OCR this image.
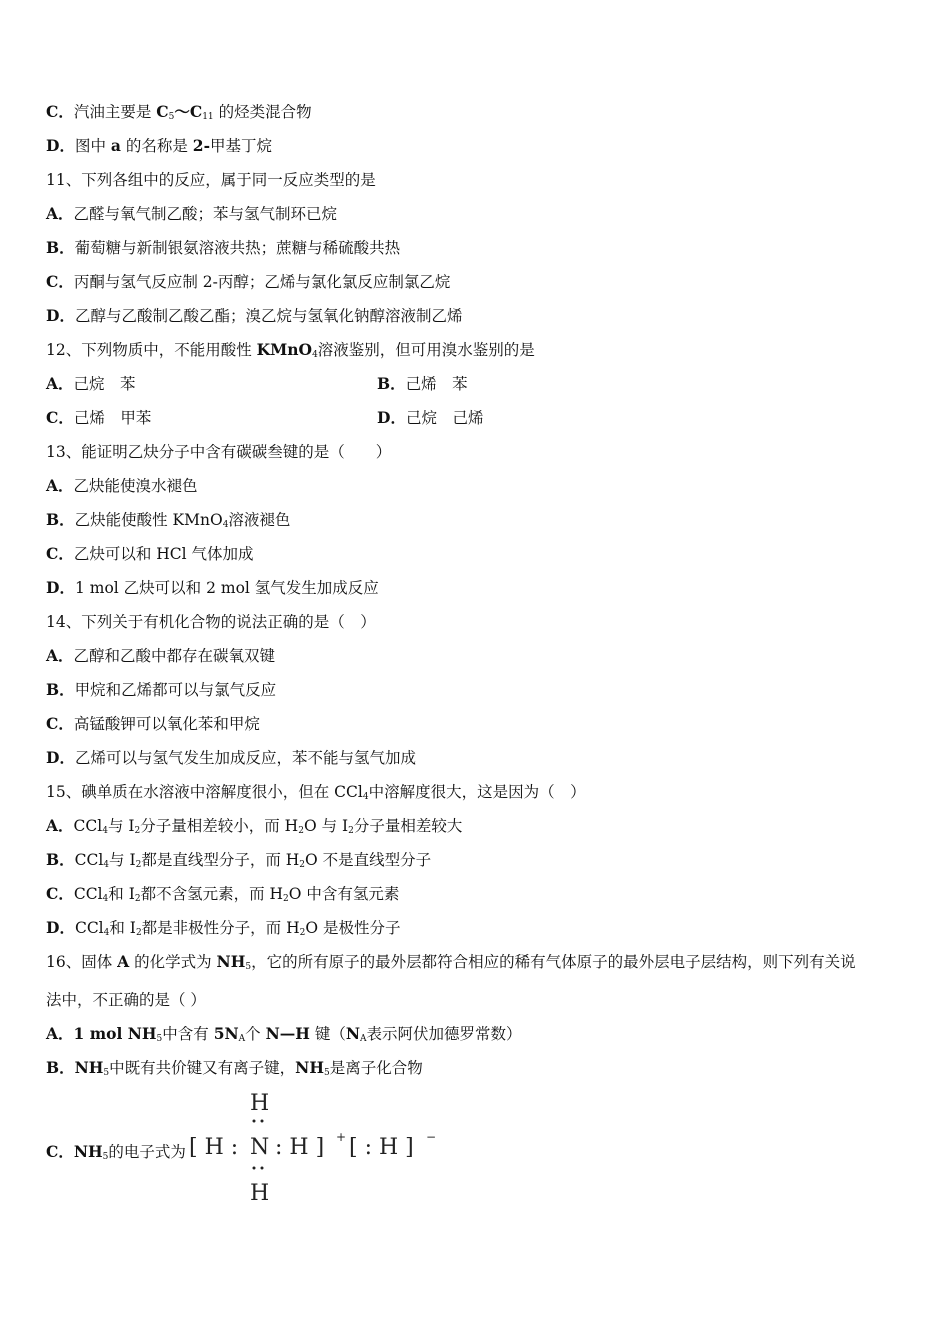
C．汽油主要是 $C_5\sim C_{11}$ 的烃类混合物
D．图中 a 的名称是 2-甲基丁烷
11、下列各组中的反应，属于同一反应类型的是
A．乙醛与氧气制乙酸；苯与氢气制环已烷
B．葡萄糖与新制银氨溶液共热；蔗糖与稀硫酸共热
C．丙酮与氢气反应制 2-丙醇；乙烯与氯化氯反应制氯乙烷
D．乙醇与乙酸制乙酸乙酯；溴乙烷与氢氧化钠醇溶液制乙烯
12、下列物质中，不能用酸性 KMnO$_4$溶液鉴别，但可用溴水鉴别的是
A．己烷　苯	B．己烯　苯
C．己烯　甲苯	D．己烷　己烯
13、能证明乙炔分子中含有碳碳叁键的是（　　）
A．乙炔能使溴水褪色
B．乙炔能使酸性 KMnO$_4$溶液褪色
C．乙炔可以和 HCl 气体加成
D．1 mol 乙炔可以和 2 mol 氢气发生加成反应
14、下列关于有机化合物的说法正确的是（　）
A．乙醇和乙酸中都存在碳氧双键
B．甲烷和乙烯都可以与氯气反应
C．高锰酸钾可以氧化苯和甲烷
D．乙烯可以与氢气发生加成反应，苯不能与氢气加成
15、碘单质在水溶液中溶解度很小，但在 CCl$_4$中溶解度很大，这是因为（　）
A．CCl$_4$与 $I_2$分子量相差较小，而 $H_2O$ 与 $I_2$分子量相差较大
B．CCl$_4$与 $I_2$都是直线型分子，而 $H_2O$ 不是直线型分子
C．CCl$_4$和 $I_2$都不含氢元素，而 $H_2O$ 中含有氢元素
D．CCl$_4$和 $I_2$都是非极性分子，而 $H_2O$ 是极性分子
16、固体 A 的化学式为 $NH_5$，它的所有原子的最外层都符合相应的稀有气体原子的最外层电子层结构，则下列有关说
法中，不正确的是（ ）
A．1 mol $NH_5$中含有 $5N_A$个 N—H 键（$N_A$表示阿伏加德罗常数）
B．$NH_5$中既有共价键又有离子键，$NH_5$是离子化合物
C．$NH_5$的电子式为
H
[ H : N : H ] + [ : H ] −
H
